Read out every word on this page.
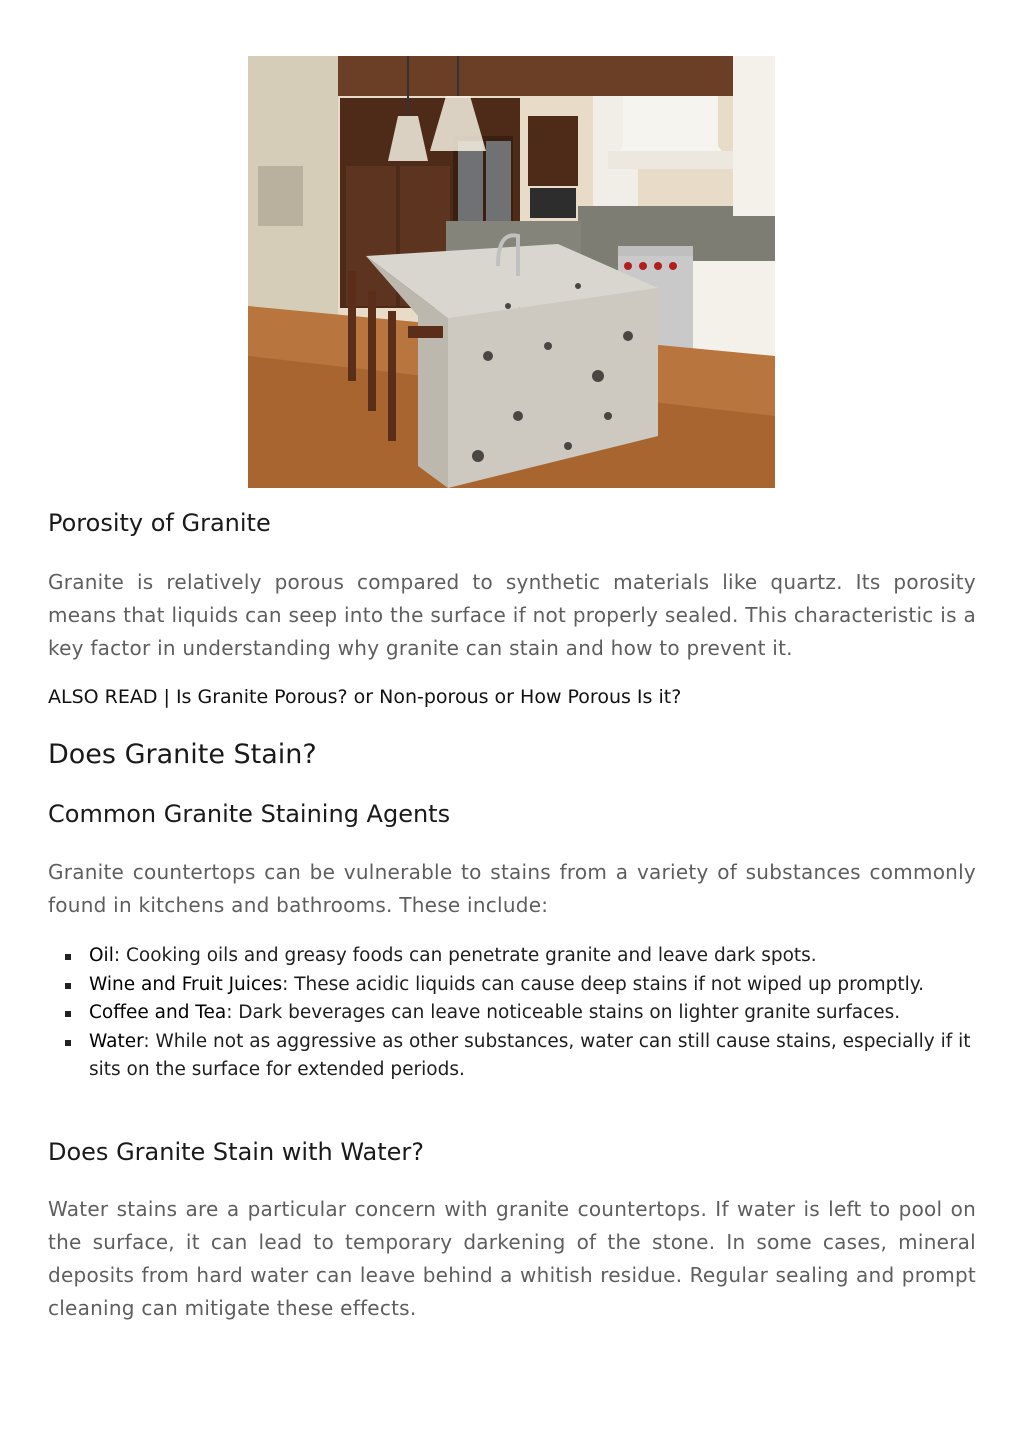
Porosity of Granite

Granite is relatively porous compared to synthetic materials like quartz. Its porosity means that liquids can seep into the surface if not properly sealed. This characteristic is a key factor in understanding why granite can stain and how to prevent it.

ALSO READ | Is Granite Porous? or Non-porous or How Porous Is it?
Does Granite Stain?
Common Granite Staining Agents

Granite countertops can be vulnerable to stains from a variety of substances commonly found in kitchens and bathrooms. These include:

Oil: Cooking oils and greasy foods can penetrate granite and leave dark spots.
Wine and Fruit Juices: These acidic liquids can cause deep stains if not wiped up promptly.
Coffee and Tea: Dark beverages can leave noticeable stains on lighter granite surfaces.
Water: While not as aggressive as other substances, water can still cause stains, especially if it sits on the surface for extended periods.
Does Granite Stain with Water?

Water stains are a particular concern with granite countertops. If water is left to pool on the surface, it can lead to temporary darkening of the stone. In some cases, mineral deposits from hard water can leave behind a whitish residue. Regular sealing and prompt cleaning can mitigate these effects.
